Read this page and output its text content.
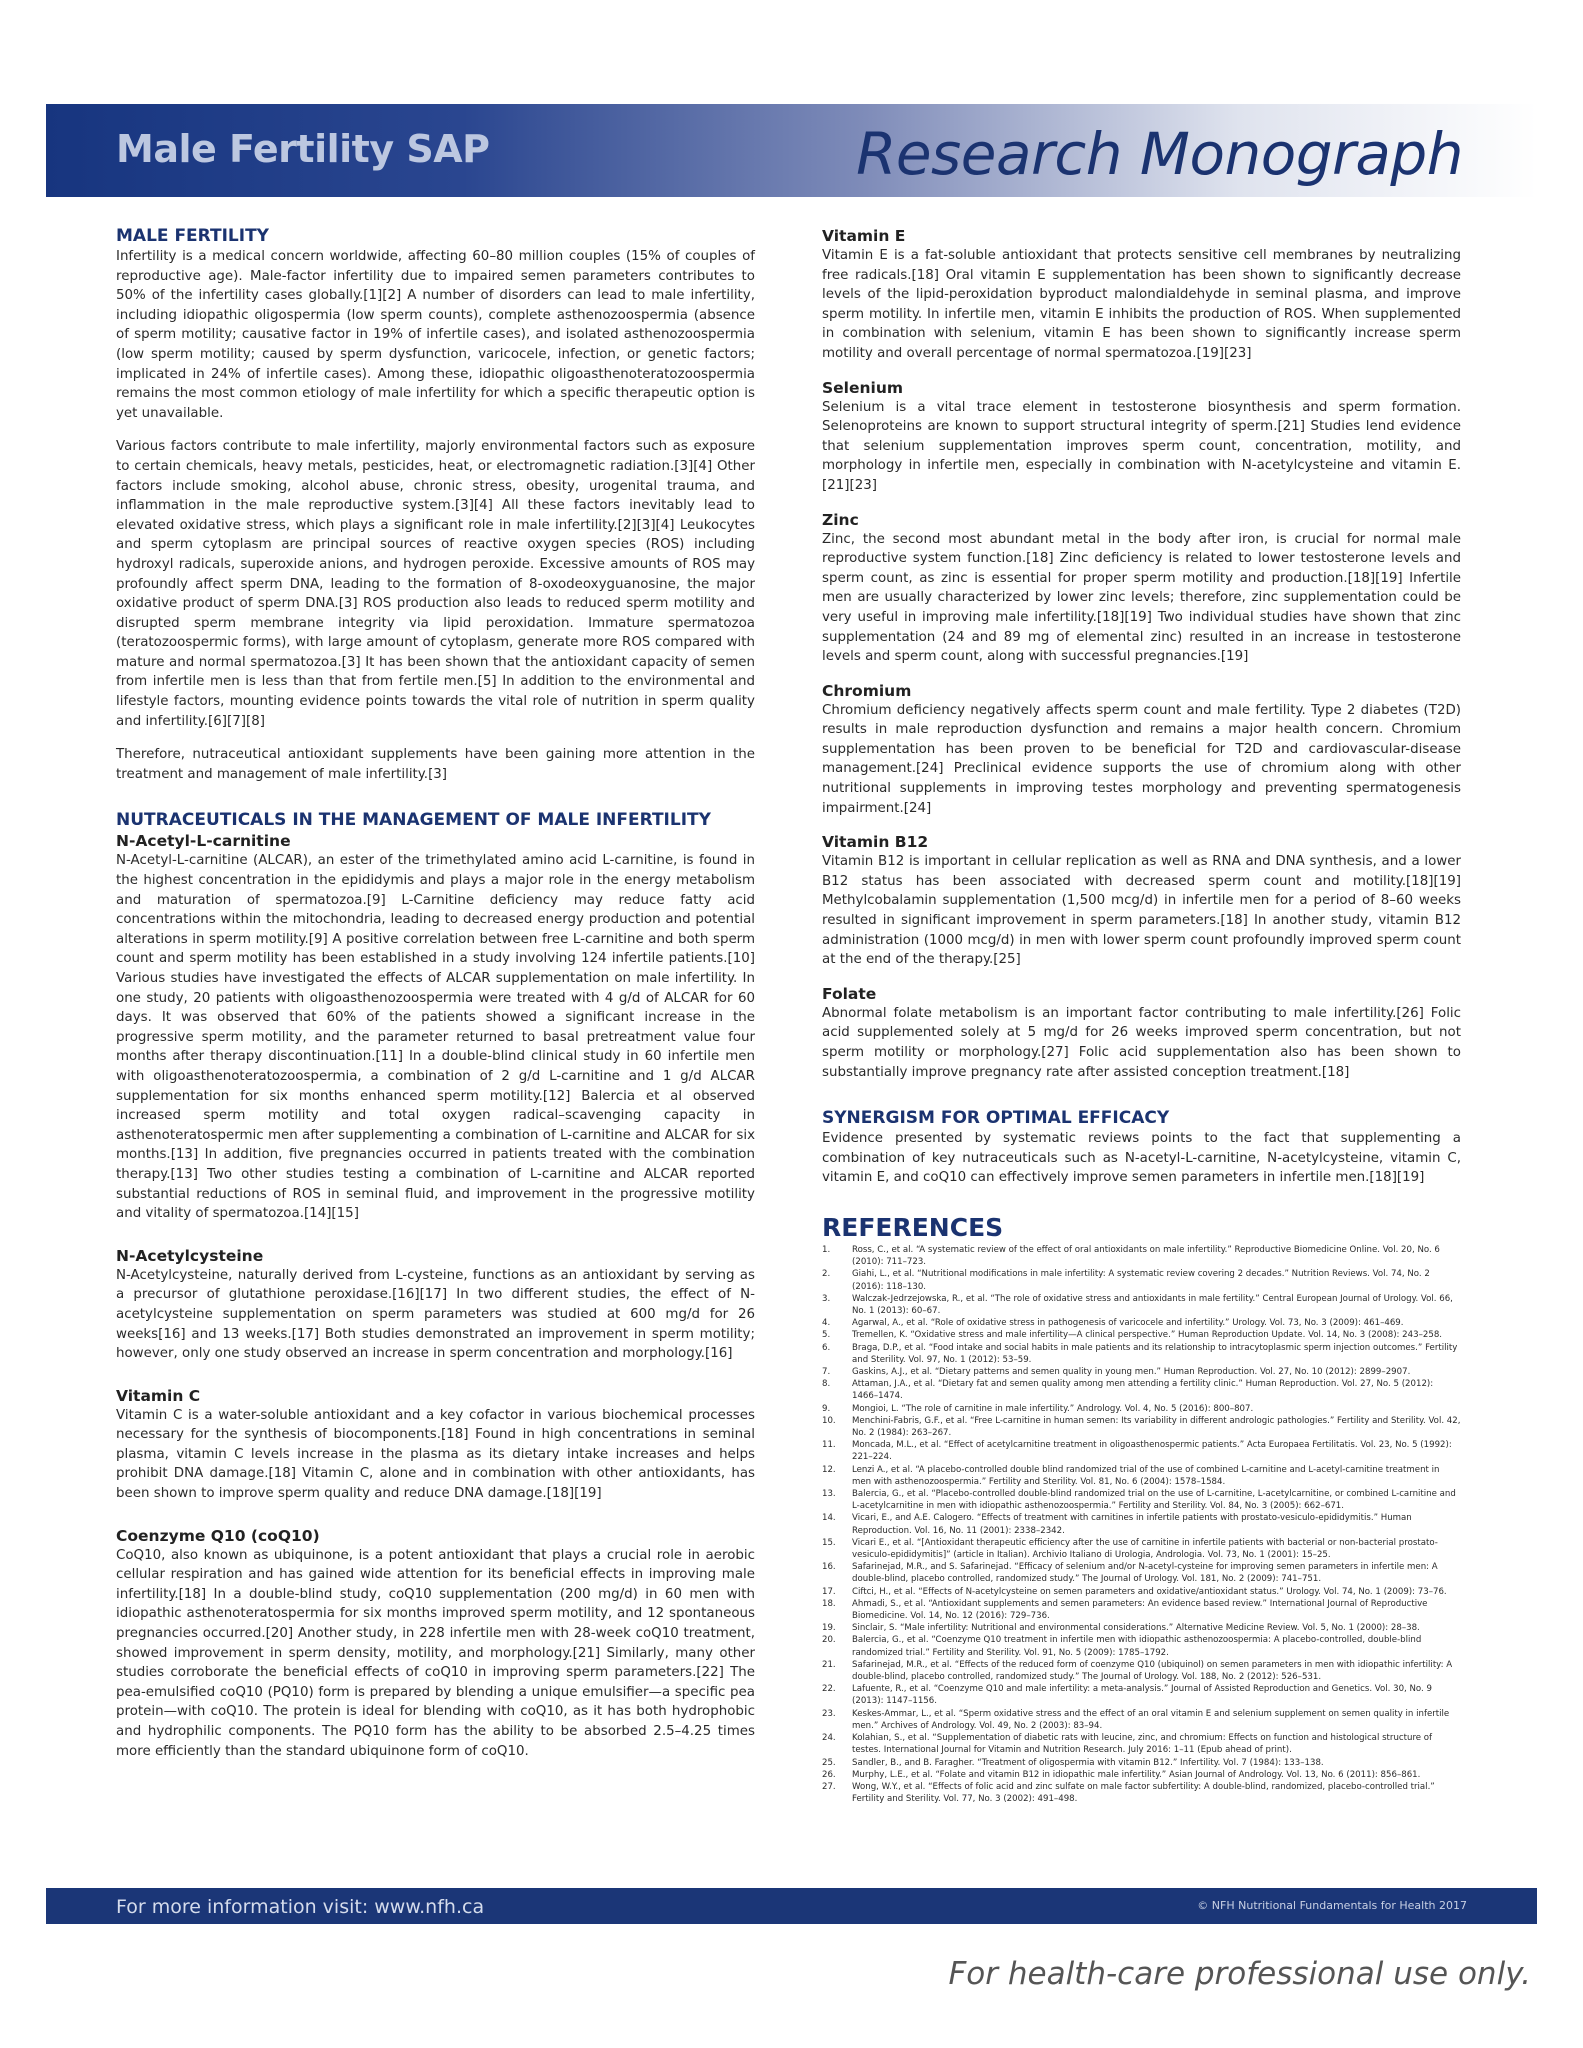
Male Fertility SAP	Research Monograph
MALE FERTILITY

Infertility is a medical concern worldwide, affecting 60–80 million couples (15% of couples of reproductive age). Male-factor infertility due to impaired semen parameters contributes to 50% of the infertility cases globally.[1][2] A number of disorders can lead to male infertility, including idiopathic oligospermia (low sperm counts), complete asthenozoospermia (absence of sperm motility; causative factor in 19% of infertile cases), and isolated asthenozoospermia (low sperm motility; caused by sperm dysfunction, varicocele, infection, or genetic factors; implicated in 24% of infertile cases). Among these, idiopathic oligoasthenoteratozoospermia remains the most common etiology of male infertility for which a specific therapeutic option is yet unavailable.

Various factors contribute to male infertility, majorly environmental factors such as exposure to certain chemicals, heavy metals, pesticides, heat, or electromagnetic radiation.[3][4] Other factors include smoking, alcohol abuse, chronic stress, obesity, urogenital trauma, and inflammation in the male reproductive system.[3][4] All these factors inevitably lead to elevated oxidative stress, which plays a significant role in male infertility.[2][3][4] Leukocytes and sperm cytoplasm are principal sources of reactive oxygen species (ROS) including hydroxyl radicals, superoxide anions, and hydrogen peroxide. Excessive amounts of ROS may profoundly affect sperm DNA, leading to the formation of 8-oxodeoxyguanosine, the major oxidative product of sperm DNA.[3] ROS production also leads to reduced sperm motility and disrupted sperm membrane integrity via lipid peroxidation. Immature spermatozoa (teratozoospermic forms), with large amount of cytoplasm, generate more ROS compared with mature and normal spermatozoa.[3] It has been shown that the antioxidant capacity of semen from infertile men is less than that from fertile men.[5] In addition to the environmental and lifestyle factors, mounting evidence points towards the vital role of nutrition in sperm quality and infertility.[6][7][8]

Therefore, nutraceutical antioxidant supplements have been gaining more attention in the treatment and management of male infertility.[3]

NUTRACEUTICALS IN THE MANAGEMENT OF MALE INFERTILITY
N-Acetyl-L-carnitine

N-Acetyl-L-carnitine (ALCAR), an ester of the trimethylated amino acid L-carnitine, is found in the highest concentration in the epididymis and plays a major role in the energy metabolism and maturation of spermatozoa.[9] L-Carnitine deficiency may reduce fatty acid concentrations within the mitochondria, leading to decreased energy production and potential alterations in sperm motility.[9] A positive correlation between free L-carnitine and both sperm count and sperm motility has been established in a study involving 124 infertile patients.[10] Various studies have investigated the effects of ALCAR supplementation on male infertility. In one study, 20 patients with oligoasthenozoospermia were treated with 4 g/d of ALCAR for 60 days. It was observed that 60% of the patients showed a significant increase in the progressive sperm motility, and the parameter returned to basal pretreatment value four months after therapy discontinuation.[11] In a double-blind clinical study in 60 infertile men with oligoasthenoteratozoospermia, a combination of 2 g/d L-carnitine and 1 g/d ALCAR supplementation for six months enhanced sperm motility.[12] Balercia et al observed increased sperm motility and total oxygen radical–scavenging capacity in asthenoteratospermic men after supplementing a combination of L-carnitine and ALCAR for six months.[13] In addition, five pregnancies occurred in patients treated with the combination therapy.[13] Two other studies testing a combination of L-carnitine and ALCAR reported substantial reductions of ROS in seminal fluid, and improvement in the progressive motility and vitality of spermatozoa.[14][15]

N-Acetylcysteine

N-Acetylcysteine, naturally derived from L-cysteine, functions as an antioxidant by serving as a precursor of glutathione peroxidase.[16][17] In two different studies, the effect of N-acetylcysteine supplementation on sperm parameters was studied at 600 mg/d for 26 weeks[16] and 13 weeks.[17] Both studies demonstrated an improvement in sperm motility; however, only one study observed an increase in sperm concentration and morphology.[16]

Vitamin C

Vitamin C is a water-soluble antioxidant and a key cofactor in various biochemical processes necessary for the synthesis of biocomponents.[18] Found in high concentrations in seminal plasma, vitamin C levels increase in the plasma as its dietary intake increases and helps prohibit DNA damage.[18] Vitamin C, alone and in combination with other antioxidants, has been shown to improve sperm quality and reduce DNA damage.[18][19]

Coenzyme Q10 (coQ10)

CoQ10, also known as ubiquinone, is a potent antioxidant that plays a crucial role in aerobic cellular respiration and has gained wide attention for its beneficial effects in improving male infertility.[18] In a double-blind study, coQ10 supplementation (200 mg/d) in 60 men with idiopathic asthenoteratospermia for six months improved sperm motility, and 12 spontaneous pregnancies occurred.[20] Another study, in 228 infertile men with 28-week coQ10 treatment, showed improvement in sperm density, motility, and morphology.[21] Similarly, many other studies corroborate the beneficial effects of coQ10 in improving sperm parameters.[22] The pea-emulsified coQ10 (PQ10) form is prepared by blending a unique emulsifier—a specific pea protein—with coQ10. The protein is ideal for blending with coQ10, as it has both hydrophobic and hydrophilic components. The PQ10 form has the ability to be absorbed 2.5–4.25 times more efficiently than the standard ubiquinone form of coQ10.

Vitamin E

Vitamin E is a fat-soluble antioxidant that protects sensitive cell membranes by neutralizing free radicals.[18] Oral vitamin E supplementation has been shown to significantly decrease levels of the lipid-peroxidation byproduct malondialdehyde in seminal plasma, and improve sperm motility. In infertile men, vitamin E inhibits the production of ROS. When supplemented in combination with selenium, vitamin E has been shown to significantly increase sperm motility and overall percentage of normal spermatozoa.[19][23]

Selenium

Selenium is a vital trace element in testosterone biosynthesis and sperm formation. Selenoproteins are known to support structural integrity of sperm.[21] Studies lend evidence that selenium supplementation improves sperm count, concentration, motility, and morphology in infertile men, especially in combination with N-acetylcysteine and vitamin E.[21][23]

Zinc

Zinc, the second most abundant metal in the body after iron, is crucial for normal male reproductive system function.[18] Zinc deficiency is related to lower testosterone levels and sperm count, as zinc is essential for proper sperm motility and production.[18][19] Infertile men are usually characterized by lower zinc levels; therefore, zinc supplementation could be very useful in improving male infertility.[18][19] Two individual studies have shown that zinc supplementation (24 and 89 mg of elemental zinc) resulted in an increase in testosterone levels and sperm count, along with successful pregnancies.[19]

Chromium

Chromium deficiency negatively affects sperm count and male fertility. Type 2 diabetes (T2D) results in male reproduction dysfunction and remains a major health concern. Chromium supplementation has been proven to be beneficial for T2D and cardiovascular-disease management.[24] Preclinical evidence supports the use of chromium along with other nutritional supplements in improving testes morphology and preventing spermatogenesis impairment.[24]

Vitamin B12

Vitamin B12 is important in cellular replication as well as RNA and DNA synthesis, and a lower B12 status has been associated with decreased sperm count and motility.[18][19] Methylcobalamin supplementation (1,500 mcg/d) in infertile men for a period of 8–60 weeks resulted in significant improvement in sperm parameters.[18] In another study, vitamin B12 administration (1000 mcg/d) in men with lower sperm count profoundly improved sperm count at the end of the therapy.[25]

Folate

Abnormal folate metabolism is an important factor contributing to male infertility.[26] Folic acid supplemented solely at 5 mg/d for 26 weeks improved sperm concentration, but not sperm motility or morphology.[27] Folic acid supplementation also has been shown to substantially improve pregnancy rate after assisted conception treatment.[18]

SYNERGISM FOR OPTIMAL EFFICACY

Evidence presented by systematic reviews points to the fact that supplementing a combination of key nutraceuticals such as N-acetyl-L-carnitine, N-acetylcysteine, vitamin C, vitamin E, and coQ10 can effectively improve semen parameters in infertile men.[18][19]

REFERENCES
1.	Ross, C., et al. “A systematic review of the effect of oral antioxidants on male infertility.” Reproductive Biomedicine Online. Vol. 20, No. 6 (2010): 711–723.
2.	Giahi, L., et al. “Nutritional modifications in male infertility: A systematic review covering 2 decades.” Nutrition Reviews. Vol. 74, No. 2 (2016): 118–130.
3.	Walczak-Jedrzejowska, R., et al. “The role of oxidative stress and antioxidants in male fertility.” Central European Journal of Urology. Vol. 66, No. 1 (2013): 60–67.
4.	Agarwal, A., et al. “Role of oxidative stress in pathogenesis of varicocele and infertility.” Urology. Vol. 73, No. 3 (2009): 461–469.
5.	Tremellen, K. “Oxidative stress and male infertility—A clinical perspective.” Human Reproduction Update. Vol. 14, No. 3 (2008): 243–258.
6.	Braga, D.P., et al. “Food intake and social habits in male patients and its relationship to intracytoplasmic sperm injection outcomes.” Fertility and Sterility. Vol. 97, No. 1 (2012): 53–59.
7.	Gaskins, A.J., et al. “Dietary patterns and semen quality in young men.” Human Reproduction. Vol. 27, No. 10 (2012): 2899–2907.
8.	Attaman, J.A., et al. “Dietary fat and semen quality among men attending a fertility clinic.” Human Reproduction. Vol. 27, No. 5 (2012): 1466–1474.
9.	Mongioi, L. “The role of carnitine in male infertility.” Andrology. Vol. 4, No. 5 (2016): 800–807.
10. Menchini-Fabris, G.F., et al. “Free L-carnitine in human semen: Its variability in different andrologic pathologies.” Fertility and Sterility. Vol. 42, No. 2 (1984): 263–267.
11. Moncada, M.L., et al. “Effect of acetylcarnitine treatment in oligoasthenospermic patients.” Acta Europaea Fertilitatis. Vol. 23, No. 5 (1992): 221–224.
12. Lenzi A., et al. “A placebo-controlled double blind randomized trial of the use of combined L-carnitine and L-acetyl-carnitine treatment in men with asthenozoospermia.” Fertility and Sterility. Vol. 81, No. 6 (2004): 1578–1584.
13. Balercia, G., et al. “Placebo-controlled double-blind randomized trial on the use of L-carnitine, L-acetylcarnitine, or combined L-carnitine and L-acetylcarnitine in men with idiopathic asthenozoospermia.” Fertility and Sterility. Vol. 84, No. 3 (2005): 662–671.
14. Vicari, E., and A.E. Calogero. “Effects of treatment with carnitines in infertile patients with prostato-vesiculo-epididymitis.” Human Reproduction. Vol. 16, No. 11 (2001): 2338–2342.
15. Vicari E., et al. “[Antioxidant therapeutic efficiency after the use of carnitine in infertile patients with bacterial or non-bacterial prostato-vesiculo-epididymitis]” (article in Italian). Archivio Italiano di Urologia, Andrologia. Vol. 73, No. 1 (2001): 15–25.
16. Safarinejad, M.R., and S. Safarinejad. “Efficacy of selenium and/or N-acetyl-cysteine for improving semen parameters in infertile men: A double-blind, placebo controlled, randomized study.” The Journal of Urology. Vol. 181, No. 2 (2009): 741–751.
17. Ciftci, H., et al. “Effects of N-acetylcysteine on semen parameters and oxidative/antioxidant status.” Urology. Vol. 74, No. 1 (2009): 73–76.
18. Ahmadi, S., et al. “Antioxidant supplements and semen parameters: An evidence based review.” International Journal of Reproductive Biomedicine. Vol. 14, No. 12 (2016): 729–736.
19. Sinclair, S. “Male infertility: Nutritional and environmental considerations.” Alternative Medicine Review. Vol. 5, No. 1 (2000): 28–38.
20. Balercia, G., et al. “Coenzyme Q10 treatment in infertile men with idiopathic asthenozoospermia: A placebo-controlled, double-blind randomized trial.” Fertility and Sterility. Vol. 91, No. 5 (2009): 1785–1792.
21. Safarinejad, M.R., et al. “Effects of the reduced form of coenzyme Q10 (ubiquinol) on semen parameters in men with idiopathic infertility: A double-blind, placebo controlled, randomized study.” The Journal of Urology. Vol. 188, No. 2 (2012): 526–531.
22. Lafuente, R., et al. “Coenzyme Q10 and male infertility: a meta-analysis.” Journal of Assisted Reproduction and Genetics. Vol. 30, No. 9 (2013): 1147–1156.
23. Keskes-Ammar, L., et al. “Sperm oxidative stress and the effect of an oral vitamin E and selenium supplement on semen quality in infertile men.” Archives of Andrology. Vol. 49, No. 2 (2003): 83–94.
24. Kolahian, S., et al. “Supplementation of diabetic rats with leucine, zinc, and chromium: Effects on function and histological structure of testes. International Journal for Vitamin and Nutrition Research. July 2016: 1–11 (Epub ahead of print).
25. Sandler, B., and B. Faragher. “Treatment of oligospermia with vitamin B12.” Infertility. Vol. 7 (1984): 133–138.
26. Murphy, L.E., et al. “Folate and vitamin B12 in idiopathic male infertility.” Asian Journal of Andrology. Vol. 13, No. 6 (2011): 856–861.
27. Wong, W.Y., et al. “Effects of folic acid and zinc sulfate on male factor subfertility: A double-blind, randomized, placebo-controlled trial.” Fertility and Sterility. Vol. 77, No. 3 (2002): 491–498.
For more information visit: www.nfh.ca	© NFH Nutritional Fundamentals for Health 2017
For health-care professional use only.
